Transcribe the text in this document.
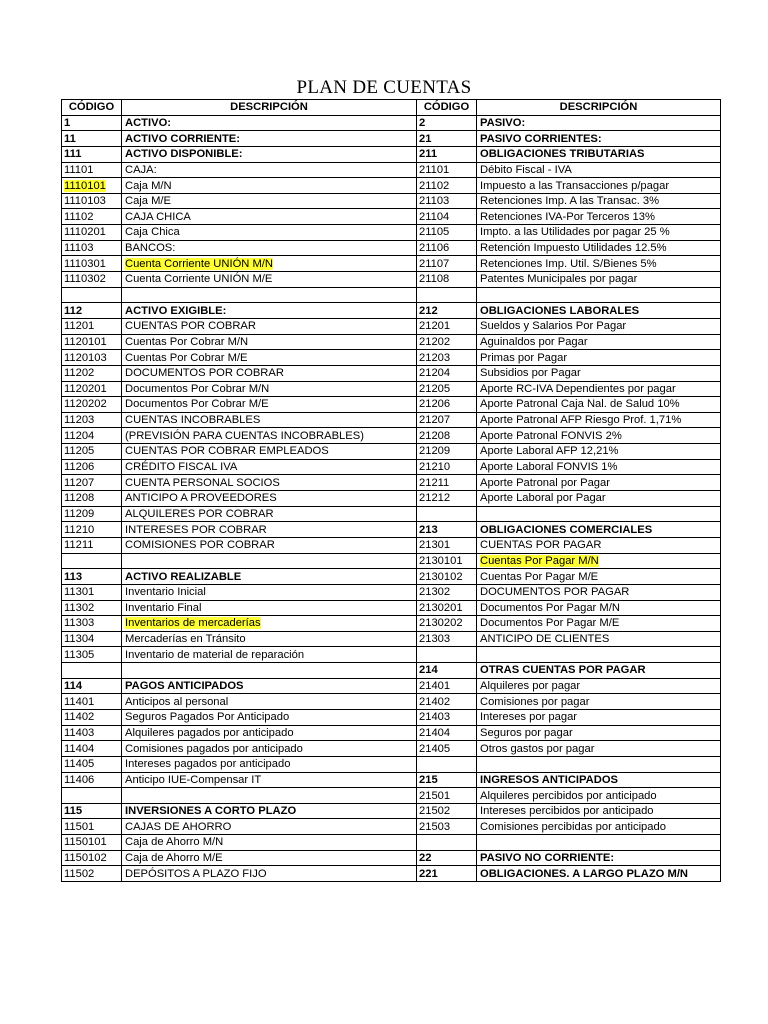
PLAN DE CUENTAS
CÓDIGO	DESCRIPCIÓN	CÓDIGO	DESCRIPCIÓN
1	ACTIVO:	2	PASIVO:
11	ACTIVO CORRIENTE:	21	PASIVO CORRIENTES:
111	ACTIVO DISPONIBLE:	211	OBLIGACIONES TRIBUTARIAS
11101	CAJA:	21101	Débito Fiscal - IVA
1110101	Caja M/N	21102	Impuesto a las Transacciones p/pagar
1110103	Caja M/E	21103	Retenciones Imp. A las Transac. 3%
11102	CAJA CHICA	21104	Retenciones IVA-Por Terceros 13%
1110201	Caja Chica	21105	Impto. a las Utilidades por pagar 25 %
11103	BANCOS:	21106	Retención Impuesto Utilidades 12.5%
1110301	Cuenta Corriente UNIÓN M/N	21107	Retenciones Imp. Util. S/Bienes 5%
1110302	Cuenta Corriente UNIÓN M/E	21108	Patentes Municipales por pagar

112	ACTIVO EXIGIBLE:	212	OBLIGACIONES LABORALES
11201	CUENTAS POR COBRAR	21201	Sueldos y Salarios Por Pagar
1120101	Cuentas Por Cobrar M/N	21202	Aguinaldos por Pagar
1120103	Cuentas Por Cobrar M/E	21203	Primas por Pagar
11202	DOCUMENTOS POR COBRAR	21204	Subsidios por Pagar
1120201	Documentos Por Cobrar M/N	21205	Aporte RC-IVA Dependientes por pagar
1120202	Documentos Por Cobrar M/E	21206	Aporte Patronal Caja Nal. de Salud 10%
11203	CUENTAS INCOBRABLES	21207	Aporte Patronal AFP Riesgo Prof. 1,71%
11204	(PREVISIÓN PARA CUENTAS INCOBRABLES)	21208	Aporte Patronal FONVIS 2%
11205	CUENTAS POR COBRAR EMPLEADOS	21209	Aporte Laboral AFP 12,21%
11206	CRÉDITO FISCAL IVA	21210	Aporte Laboral FONVIS 1%
11207	CUENTA PERSONAL SOCIOS	21211	Aporte Patronal por Pagar
11208	ANTICIPO A PROVEEDORES	21212	Aporte Laboral por Pagar
11209	ALQUILERES POR COBRAR		
11210	INTERESES POR COBRAR	213	OBLIGACIONES COMERCIALES
11211	COMISIONES POR COBRAR	21301	CUENTAS POR PAGAR
		2130101	Cuentas Por Pagar M/N
113	ACTIVO REALIZABLE	2130102	Cuentas Por Pagar M/E
11301	Inventario Inicial	21302	DOCUMENTOS POR PAGAR
11302	Inventario Final	2130201	Documentos Por Pagar M/N
11303	Inventarios de mercaderías	2130202	Documentos Por Pagar M/E
11304	Mercaderías en Tránsito	21303	ANTICIPO DE CLIENTES
11305	Inventario de material de reparación		
		214	OTRAS CUENTAS POR PAGAR
114	PAGOS ANTICIPADOS	21401	Alquileres por pagar
11401	Anticipos al personal	21402	Comisiones por pagar
11402	Seguros Pagados Por Anticipado	21403	Intereses por pagar
11403	Alquileres pagados por anticipado	21404	Seguros por pagar
11404	Comisiones pagados por anticipado	21405	Otros gastos por pagar
11405	Intereses pagados por anticipado		
11406	Anticipo IUE-Compensar IT	215	INGRESOS ANTICIPADOS
		21501	Alquileres percibidos por anticipado
115	INVERSIONES A CORTO PLAZO	21502	Intereses percibidos por anticipado
11501	CAJAS DE AHORRO	21503	Comisiones percibidas por anticipado
1150101	Caja de Ahorro M/N		
1150102	Caja de Ahorro M/E	22	PASIVO NO CORRIENTE:
11502	DEPÓSITOS A PLAZO FIJO	221	OBLIGACIONES. A LARGO PLAZO M/N
